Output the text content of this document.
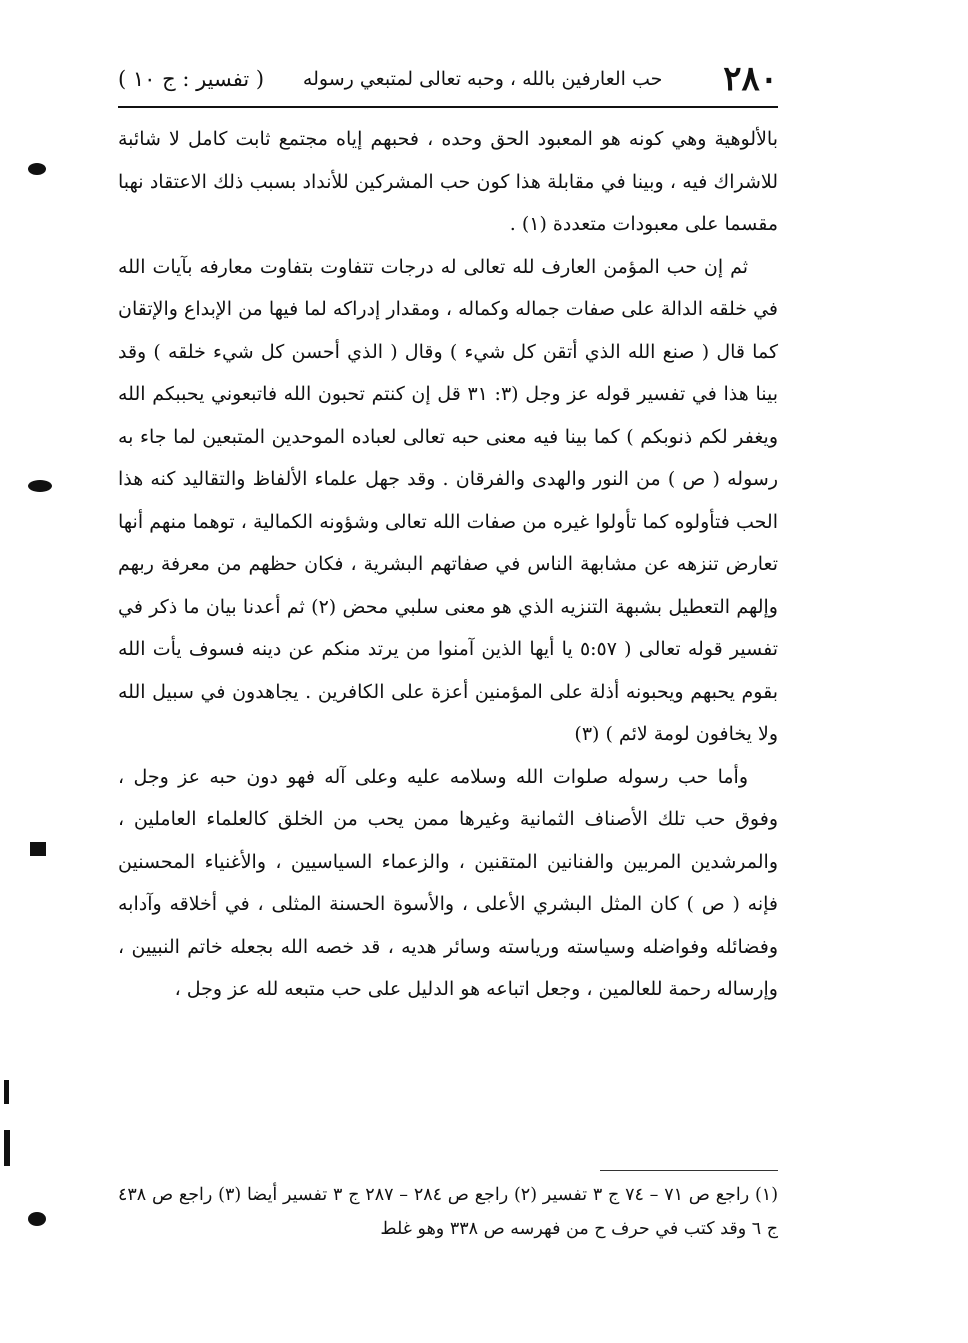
٢٨٠
حب العارفين بالله ، وحبه تعالى لمتبعي رسوله
( تفسير : ج ١٠ )

بالألوهية وهي كونه هو المعبود الحق وحده ، فحبهم إياه مجتمع ثابت كامل لا شائبة للاشراك فيه ، وبينا في مقابلة هذا كون حب المشركين للأنداد بسبب ذلك الاعتقاد نهبا مقسما على معبودات متعددة (١) .

ثم إن حب المؤمن العارف لله تعالى له درجات تتفاوت بتفاوت معارفه بآيات الله في خلقه الدالة على صفات جماله وكماله ، ومقدار إدراكه لما فيها من الإبداع والإتقان كما قال ( صنع الله الذي أتقن كل شيء ) وقال ( الذي أحسن كل شيء خلقه ) وقد بينا هذا في تفسير قوله عز وجل (٣: ٣١ قل إن كنتم تحبون الله فاتبعوني يحببكم الله ويغفر لكم ذنوبكم ) كما بينا فيه معنى حبه تعالى لعباده الموحدين المتبعين لما جاء به رسوله ( ص ) من النور والهدى والفرقان . وقد جهل علماء الألفاظ والتقاليد كنه هذا الحب فتأولوه كما تأولوا غيره من صفات الله تعالى وشؤونه الكمالية ، توهما منهم أنها تعارض تنزهه عن مشابهة الناس في صفاتهم البشرية ، فكان حظهم من معرفة ربهم وإلهم التعطيل بشبهة التنزيه الذي هو معنى سلبي محض (٢) ثم أعدنا بيان ما ذكر في تفسير قوله تعالى ( ٥:٥٧ يا أيها الذين آمنوا من يرتد منكم عن دينه فسوف يأت الله بقوم يحبهم ويحبونه أذلة على المؤمنين أعزة على الكافرين . يجاهدون في سبيل الله ولا يخافون لومة لائم ) (٣)

وأما حب رسوله صلوات الله وسلامه عليه وعلى آله فهو دون حبه عز وجل ، وفوق حب تلك الأصناف الثمانية وغيرها ممن يحب من الخلق كالعلماء العاملين ، والمرشدين المربين والفنانين المتقنين ، والزعماء السياسيين ، والأغنياء المحسنين فإنه ( ص ) كان المثل البشري الأعلى ، والأسوة الحسنة المثلى ، في أخلاقه وآدابه وفضائله وفواضله وسياسته ورياسته وسائر هديه ، قد خصه الله بجعله خاتم النبيين ، وإرساله رحمة للعالمين ، وجعل اتباعه هو الدليل على حب متبعه لله عز وجل ،

(١) راجع ص ٧١ – ٧٤ ج ٣ تفسير (٢) راجع ص ٢٨٤ – ٢٨٧ ج ٣ تفسير أيضا (٣) راجع ص ٤٣٨ ج ٦ وقد كتب في حرف ح من فهرسه ص ٣٣٨ وهو غلط
